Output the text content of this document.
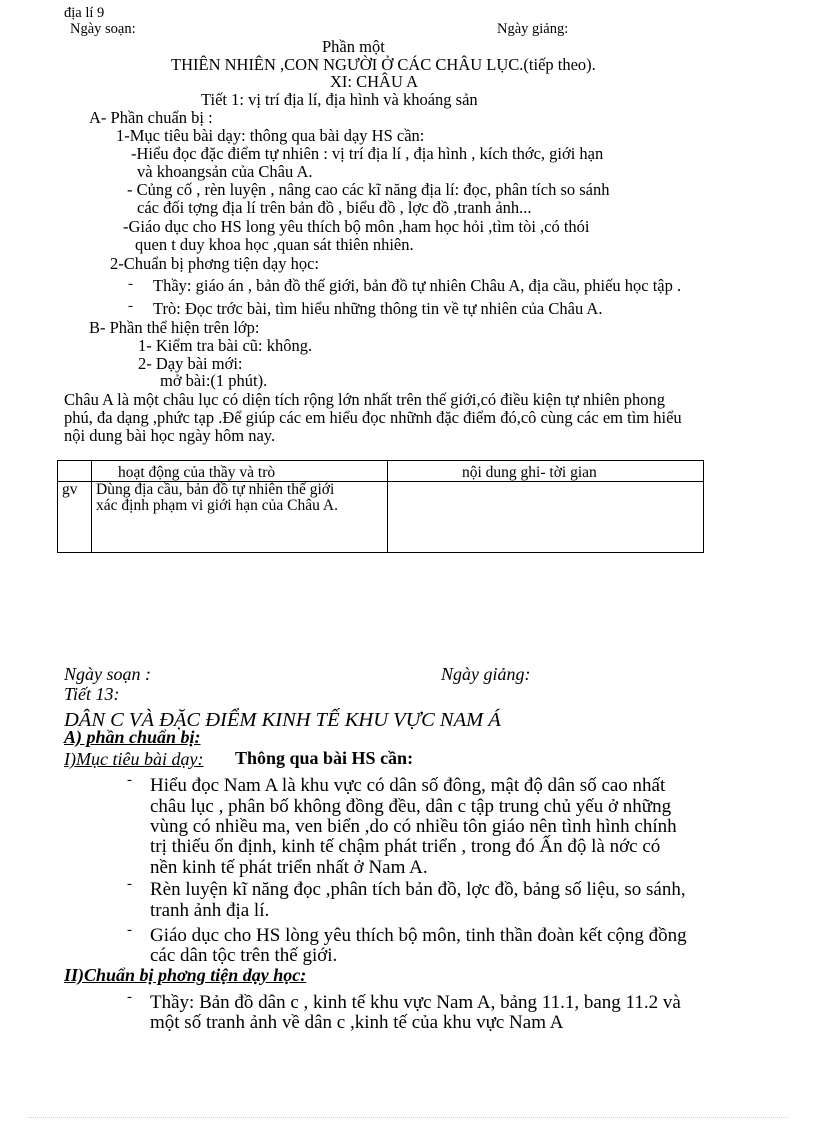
địa lí 9
Ngày soạn:	Ngày giảng:
Phần một
THIÊN NHIÊN ,CON NGƯỜI Ở CÁC CHÂU LỤC.(tiếp theo).
XI: CHÂU A
Tiết 1: vị trí địa lí, địa hình và khoáng sản
A- Phần chuẩn bị :
1-Mục tiêu bài dạy: thông qua bài dạy HS cần:
-Hiểu đọc đặc điểm tự nhiên : vị trí địa lí , địa hình , kích thớc, giới hạn
và khoangsản của Châu A.
- Củng cố , rèn luyện , nâng cao các kĩ năng địa lí: đọc, phân tích so sánh
các đối tợng địa lí trên bản đồ , biểu đồ , lợc đồ ,tranh ảnh...
-Giáo dục cho HS long yêu thích bộ môn ,ham học hỏi ,tìm tòi ,có thói
quen t duy khoa học ,quan sát thiên nhiên.
2-Chuẩn bị phơng tiện dạy học:
- Thầy: giáo án , bản đồ thế giới, bản đồ tự nhiên Châu A, địa cầu, phiếu học tập .
- Trò: Đọc trớc bài, tìm hiểu những thông tin về tự nhiên của Châu A.
B- Phần thể hiện trên lớp:
1- Kiểm tra bài cũ: không.
2- Dạy bài mới:
mở bài:(1 phút).
Châu A là một châu lục có diện tích rộng lớn nhất trên thế giới,có điều kiện tự nhiên phong
phú, đa dạng ,phức tạp .Để giúp các em hiểu đọc nhữnh đặc điểm đó,cô cùng các em tìm hiểu
nội dung bài học ngày hôm nay.
	hoạt động của thầy và trò	nội dung ghi- tời gian
gv	Dùng địa cầu, bản đồ tự nhiên thế giới xác định phạm vi giới hạn của Châu A.	

Ngày soạn :	Ngày giảng:
Tiết 13:
DÂN C VÀ ĐẶC ĐIỂM KINH TẾ KHU VỰC NAM Á
A) phần chuẩn bị:
I)Mục tiêu bài dạy: Thông qua bài HS cần:
- Hiểu đọc Nam A là khu vực có dân số đông, mật độ dân số cao nhất
châu lục , phân bố không đồng đều, dân c tập trung chủ yếu ở những
vùng có nhiều ma, ven biển ,do có nhiều tôn giáo nên tình hình chính
trị thiếu ổn định, kinh tế chậm phát triển , trong đó Ấn độ là nớc có
nền kinh tế phát triển nhất ở Nam A.
- Rèn luyện kĩ năng đọc ,phân tích bản đồ, lợc đồ, bảng số liệu, so sánh,
tranh ảnh địa lí.
- Giáo dục cho HS lòng yêu thích bộ môn, tinh thần đoàn kết cộng đồng
các dân tộc trên thế giới.
II)Chuẩn bị phơng tiện dạy học:
- Thầy: Bản đồ dân c , kinh tế khu vực Nam A, bảng 11.1, bang 11.2 và
một số tranh ảnh về dân c ,kinh tế của khu vực Nam A
